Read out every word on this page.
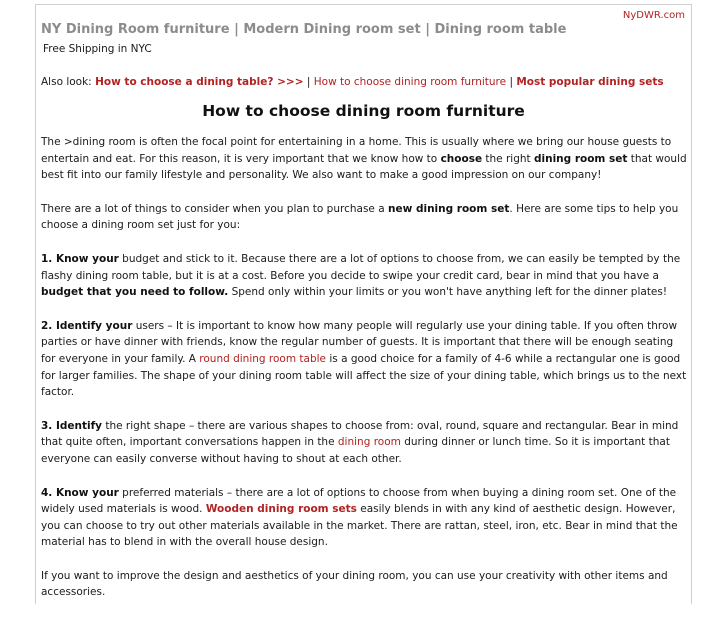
NyDWR.com
NY Dining Room furniture | Modern Dining room set | Dining room table

Free Shipping in NYC

Also look: How to choose a dining table? >>> | How to choose dining room furniture | Most popular dining sets

How to choose dining room furniture

The >dining room is often the focal point for entertaining in a home. This is usually where we bring our house guests to entertain and eat. For this reason, it is very important that we know how to choose the right dining room set that would best fit into our family lifestyle and personality. We also want to make a good impression on our company!

There are a lot of things to consider when you plan to purchase a new dining room set. Here are some tips to help you choose a dining room set just for you:

1. Know your budget and stick to it. Because there are a lot of options to choose from, we can easily be tempted by the flashy dining room table, but it is at a cost. Before you decide to swipe your credit card, bear in mind that you have a budget that you need to follow. Spend only within your limits or you won't have anything left for the dinner plates!

2. Identify your users – It is important to know how many people will regularly use your dining table. If you often throw parties or have dinner with friends, know the regular number of guests. It is important that there will be enough seating for everyone in your family. A round dining room table is a good choice for a family of 4-6 while a rectangular one is good for larger families. The shape of your dining room table will affect the size of your dining table, which brings us to the next factor.

3. Identify the right shape – there are various shapes to choose from: oval, round, square and rectangular. Bear in mind that quite often, important conversations happen in the dining room during dinner or lunch time. So it is important that everyone can easily converse without having to shout at each other.

4. Know your preferred materials – there are a lot of options to choose from when buying a dining room set. One of the widely used materials is wood. Wooden dining room sets easily blends in with any kind of aesthetic design. However, you can choose to try out other materials available in the market. There are rattan, steel, iron, etc. Bear in mind that the material has to blend in with the overall house design.

If you want to improve the design and aesthetics of your dining room, you can use your creativity with other items and accessories.
